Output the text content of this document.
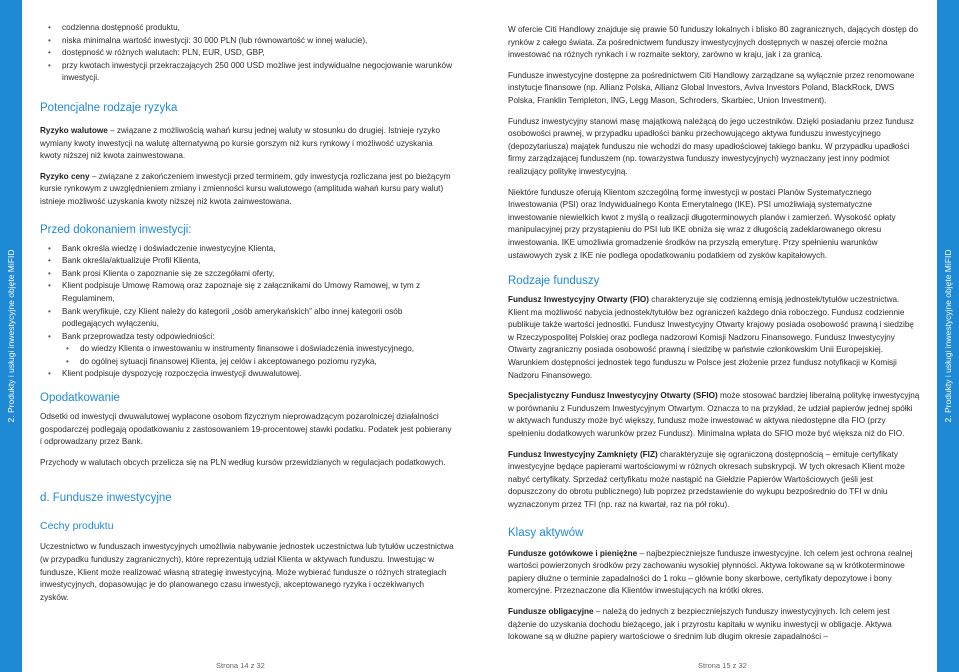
2. Produkty i usługi inwestycyjne objęte MiFID	2. Produkty i usługi inwestycyjne objęte MiFID
• codzienna dostępność produktu,
• niska minimalna wartość inwestycji: 30 000 PLN (lub równowartość w innej walucie),
• dostępność w różnych walutach: PLN, EUR, USD, GBP,
• przy kwotach inwestycji przekraczających 250 000 USD możliwe jest indywidualne negocjowanie warunków inwestycji.
Potencjalne rodzaje ryzyka

Ryzyko walutowe – związane z możliwością wahań kursu jednej waluty w stosunku do drugiej. Istnieje ryzyko wymiany kwoty inwestycji na walutę alternatywną po kursie gorszym niż kurs rynkowy i możliwość uzyskania kwoty niższej niż kwota zainwestowana.

Ryzyko ceny – związane z zakończeniem inwestycji przed terminem, gdy inwestycja rozliczana jest po bieżącym kursie rynkowym z uwzględnieniem zmiany i zmienności kursu walutowego (amplituda wahań kursu pary walut) istnieje możliwość uzyskania kwoty niższej niż kwota zainwestowana.

Przed dokonaniem inwestycji:
• Bank określa wiedzę i doświadczenie inwestycyjne Klienta,
• Bank określa/aktualizuje Profil Klienta,
• Bank prosi Klienta o zapoznanie się ze szczegółami oferty,
• Klient podpisuje Umowę Ramową oraz zapoznaje się z załącznikami do Umowy Ramowej, w tym z Regulaminem,
• Bank weryfikuje, czy Klient należy do kategorii „osób amerykańskich” albo innej kategorii osób podlegających wyłączeniu,
• Bank przeprowadza testy odpowiedniości:
• do wiedzy Klienta o inwestowaniu w instrumenty finansowe i doświadczenia inwestycyjnego,
• do ogólnej sytuacji finansowej Klienta, jej celów i akceptowanego poziomu ryzyka,
• Klient podpisuje dyspozycję rozpoczęcia inwestycji dwuwalutowej.
Opodatkowanie

Odsetki od inwestycji dwuwalutowej wypłacone osobom fizycznym nieprowadzącym pozarolniczej działalności gospodarczej podlegają opodatkowaniu z zastosowaniem 19-procentowej stawki podatku. Podatek jest pobierany i odprowadzany przez Bank.

Przychody w walutach obcych przelicza się na PLN według kursów przewidzianych w regulacjach podatkowych.

d. Fundusze inwestycyjne
Cechy produktu

Uczestnictwo w funduszach inwestycyjnych umożliwia nabywanie jednostek uczestnictwa lub tytułów uczestnictwa (w przypadku funduszy zagranicznych), które reprezentują udział Klienta w aktywach funduszu. Inwestując w fundusze, Klient może realizować własną strategię inwestycyjną. Może wybierać fundusze o różnych strategiach inwestycyjnych, dopasowując je do planowanego czasu inwestycji, akceptowanego ryzyka i oczekiwanych zysków.

W ofercie Citi Handlowy znajduje się prawie 50 funduszy lokalnych i blisko 80 zagranicznych, dających dostęp do rynków z całego świata. Za pośrednictwem funduszy inwestycyjnych dostępnych w naszej ofercie można inwestować na różnych rynkach i w rozmaite sektory, zarówno w kraju, jak i za granicą.

Fundusze inwestycyjne dostępne za pośrednictwem Citi Handlowy zarządzane są wyłącznie przez renomowane instytucje finansowe (np. Allianz Polska, Allianz Global Investors, Aviva Investors Poland, BlackRock, DWS Polska, Franklin Templeton, ING, Legg Mason, Schroders, Skarbiec, Union Investment).

Fundusz inwestycyjny stanowi masę majątkową należącą do jego uczestników. Dzięki posiadaniu przez fundusz osobowości prawnej, w przypadku upadłości banku przechowującego aktywa funduszu inwestycyjnego (depozytariusza) majątek funduszu nie wchodzi do masy upadłościowej takiego banku. W przypadku upadłości firmy zarządzającej funduszem (np. towarzystwa funduszy inwestycyjnych) wyznaczany jest inny podmiot realizujący politykę inwestycyjną.

Niektóre fundusze oferują Klientom szczególną formę inwestycji w postaci Planów Systematycznego Inwestowania (PSI) oraz Indywidualnego Konta Emerytalnego (IKE). PSI umożliwiają systematyczne inwestowanie niewielkich kwot z myślą o realizacji długoterminowych planów i zamierzeń. Wysokość opłaty manipulacyjnej przy przystąpieniu do PSI lub IKE obniża się wraz z długością zadeklarowanego okresu inwestowania. IKE umożliwia gromadzenie środków na przyszłą emeryturę. Przy spełnieniu warunków ustawowych zysk z IKE nie podlega opodatkowaniu podatkiem od zysków kapitałowych.

Rodzaje funduszy

Fundusz Inwestycyjny Otwarty (FIO) charakteryzuje się codzienną emisją jednostek/tytułów uczestnictwa. Klient ma możliwość nabycia jednostek/tytułów bez ograniczeń każdego dnia roboczego. Fundusz codziennie publikuje także wartości jednostki. Fundusz Inwestycyjny Otwarty krajowy posiada osobowość prawną i siedzibę w Rzeczypospolitej Polskiej oraz podlega nadzorowi Komisji Nadzoru Finansowego. Fundusz Inwestycyjny Otwarty zagraniczny posiada osobowość prawną i siedzibę w państwie członkowskim Unii Europejskiej. Warunkiem dostępności jednostek tego funduszu w Polsce jest złożenie przez fundusz notyfikacji w Komisji Nadzoru Finansowego.

Specjalistyczny Fundusz Inwestycyjny Otwarty (SFIO) może stosować bardziej liberalną politykę inwestycyjną w porównaniu z Funduszem Inwestycyjnym Otwartym. Oznacza to na przykład, że udział papierów jednej spółki w aktywach funduszy może być większy, fundusz może inwestować w aktywa niedostępne dla FIO (przy spełnieniu dodatkowych warunków przez Fundusz). Minimalna wpłata do SFIO może być większa niż do FIO.

Fundusz Inwestycyjny Zamknięty (FIZ) charakteryzuje się ograniczoną dostępnością – emituje certyfikaty inwestycyjne będące papierami wartościowymi w różnych okresach subskrypcji. W tych okresach Klient może nabyć certyfikaty. Sprzedaż certyfikatu może nastąpić na Giełdzie Papierów Wartościowych (jeśli jest dopuszczony do obrotu publicznego) lub poprzez przedstawienie do wykupu bezpośrednio do TFI w dniu wyznaczonym przez TFI (np. raz na kwartał, raz na pół roku).

Klasy aktywów

Fundusze gotówkowe i pieniężne – najbezpieczniejsze fundusze inwestycyjne. Ich celem jest ochrona realnej wartości powierzonych środków przy zachowaniu wysokiej płynności. Aktywa lokowane są w krótkoterminowe papiery dłużne o terminie zapadalności do 1 roku – głównie bony skarbowe, certyfikaty depozytowe i bony komercyjne. Przeznaczone dla Klientów inwestujących na krótki okres.

Fundusze obligacyjne – należą do jednych z bezpieczniejszych funduszy inwestycyjnych. Ich celem jest dążenie do uzyskania dochodu bieżącego, jak i przyrostu kapitału w wyniku inwestycji w obligacje. Aktywa lokowane są w dłużne papiery wartościowe o średnim lub długim okresie zapadalności –

Strona 14 z 32	Strona 15 z 32
